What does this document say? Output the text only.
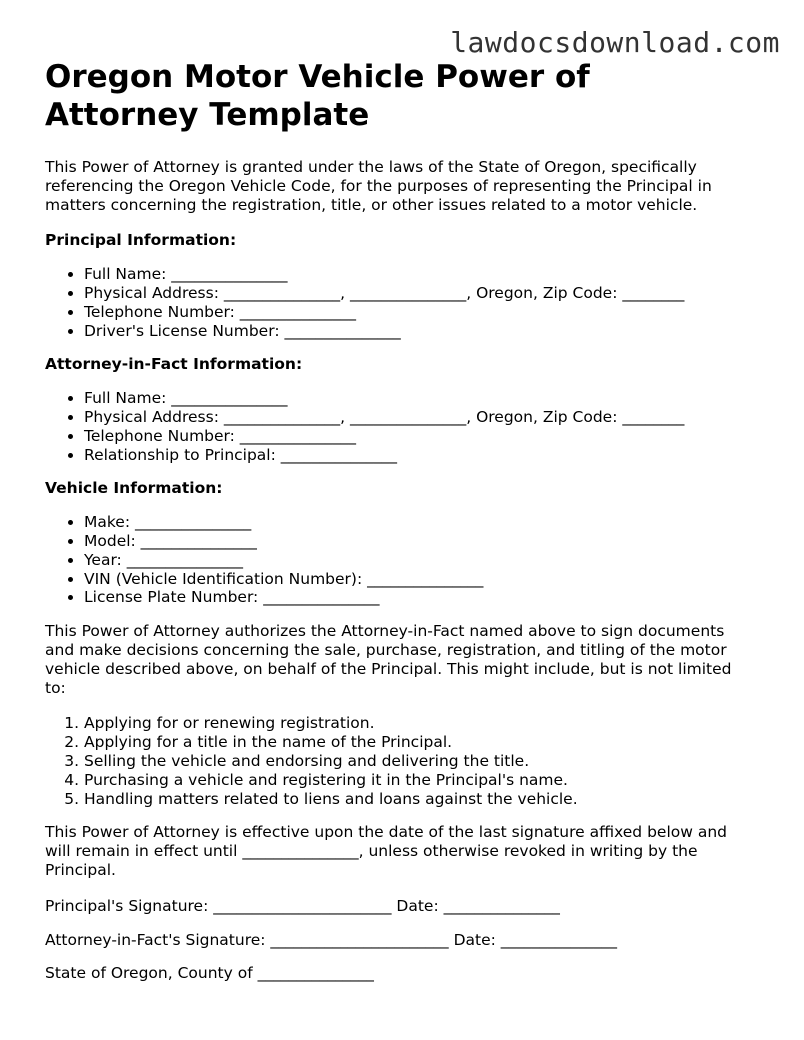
lawdocsdownload.com
Oregon Motor Vehicle Power of Attorney Template

This Power of Attorney is granted under the laws of the State of Oregon, specifically referencing the Oregon Vehicle Code, for the purposes of representing the Principal in matters concerning the registration, title, or other issues related to a motor vehicle.

Principal Information:
• Full Name: _______________
• Physical Address: _______________, _______________, Oregon, Zip Code: ________
• Telephone Number: _______________
• Driver's License Number: _______________
Attorney-in-Fact Information:
• Full Name: _______________
• Physical Address: _______________, _______________, Oregon, Zip Code: ________
• Telephone Number: _______________
• Relationship to Principal: _______________
Vehicle Information:
• Make: _______________
• Model: _______________
• Year: _______________
• VIN (Vehicle Identification Number): _______________
• License Plate Number: _______________

This Power of Attorney authorizes the Attorney-in-Fact named above to sign documents and make decisions concerning the sale, purchase, registration, and titling of the motor vehicle described above, on behalf of the Principal. This might include, but is not limited to:

1. Applying for or renewing registration.
2. Applying for a title in the name of the Principal.
3. Selling the vehicle and endorsing and delivering the title.
4. Purchasing a vehicle and registering it in the Principal's name.
5. Handling matters related to liens and loans against the vehicle.

This Power of Attorney is effective upon the date of the last signature affixed below and will remain in effect until _______________, unless otherwise revoked in writing by the Principal.

Principal's Signature: _______________________ Date: _______________
Attorney-in-Fact's Signature: _______________________ Date: _______________
State of Oregon, County of _______________
